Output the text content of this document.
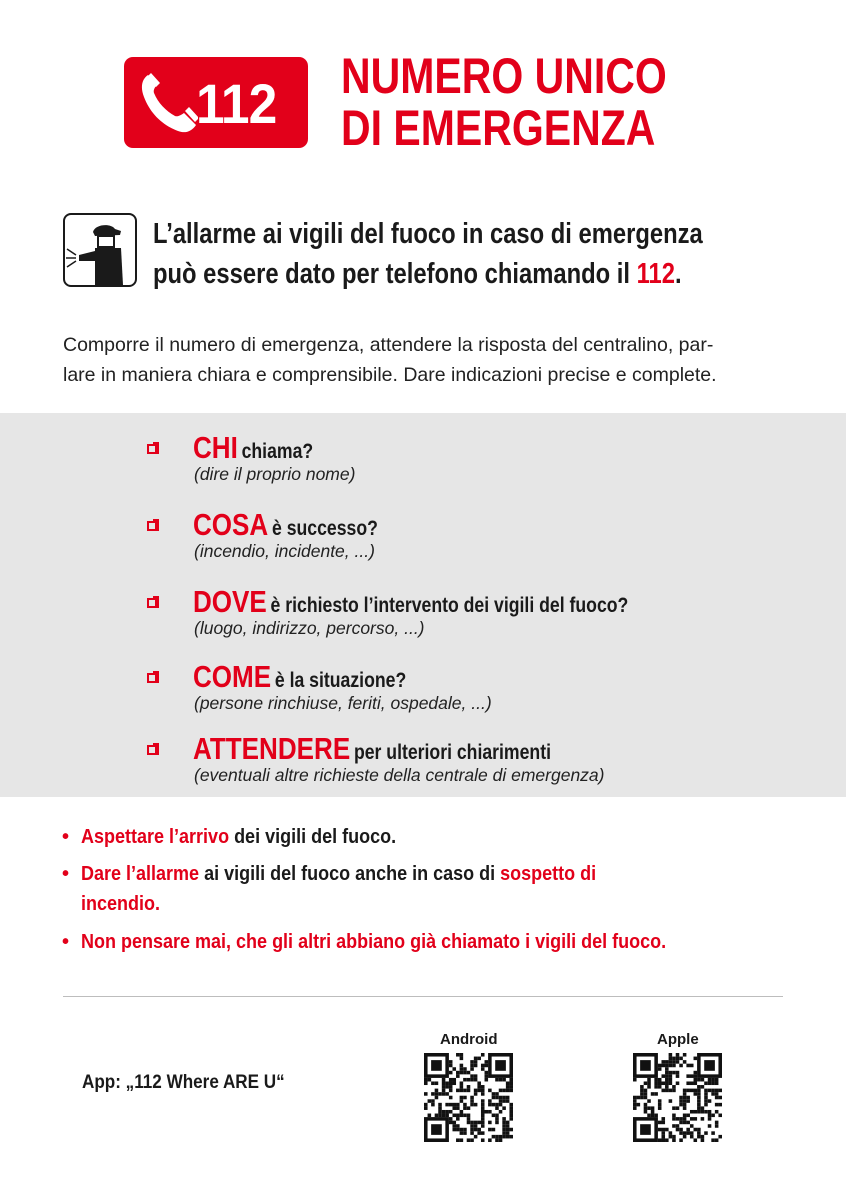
112 NUMERO UNICO
DI EMERGENZA
L’allarme ai vigili del fuoco in caso di emergenza
può essere dato per telefono chiamando il 112.
Comporre il numero di emergenza, attendere la risposta del centralino, par-
lare in maniera chiara e comprensibile. Dare indicazioni precise e complete.
CHI chiama?
(dire il proprio nome)
COSA è successo?
(incendio, incidente, ...)
DOVE è richiesto l’intervento dei vigili del fuoco?
(luogo, indirizzo, percorso, ...)
COME è la situazione?
(persone rinchiuse, feriti, ospedale, ...)
ATTENDERE per ulteriori chiarimenti
(eventuali altre richieste della centrale di emergenza)
• Aspettare l’arrivo dei vigili del fuoco.
• Dare l’allarme ai vigili del fuoco anche in caso di sospetto di
incendio.
• Non pensare mai, che gli altri abbiano già chiamato i vigili del fuoco.
App: „112 Where ARE U“
Android	Apple
